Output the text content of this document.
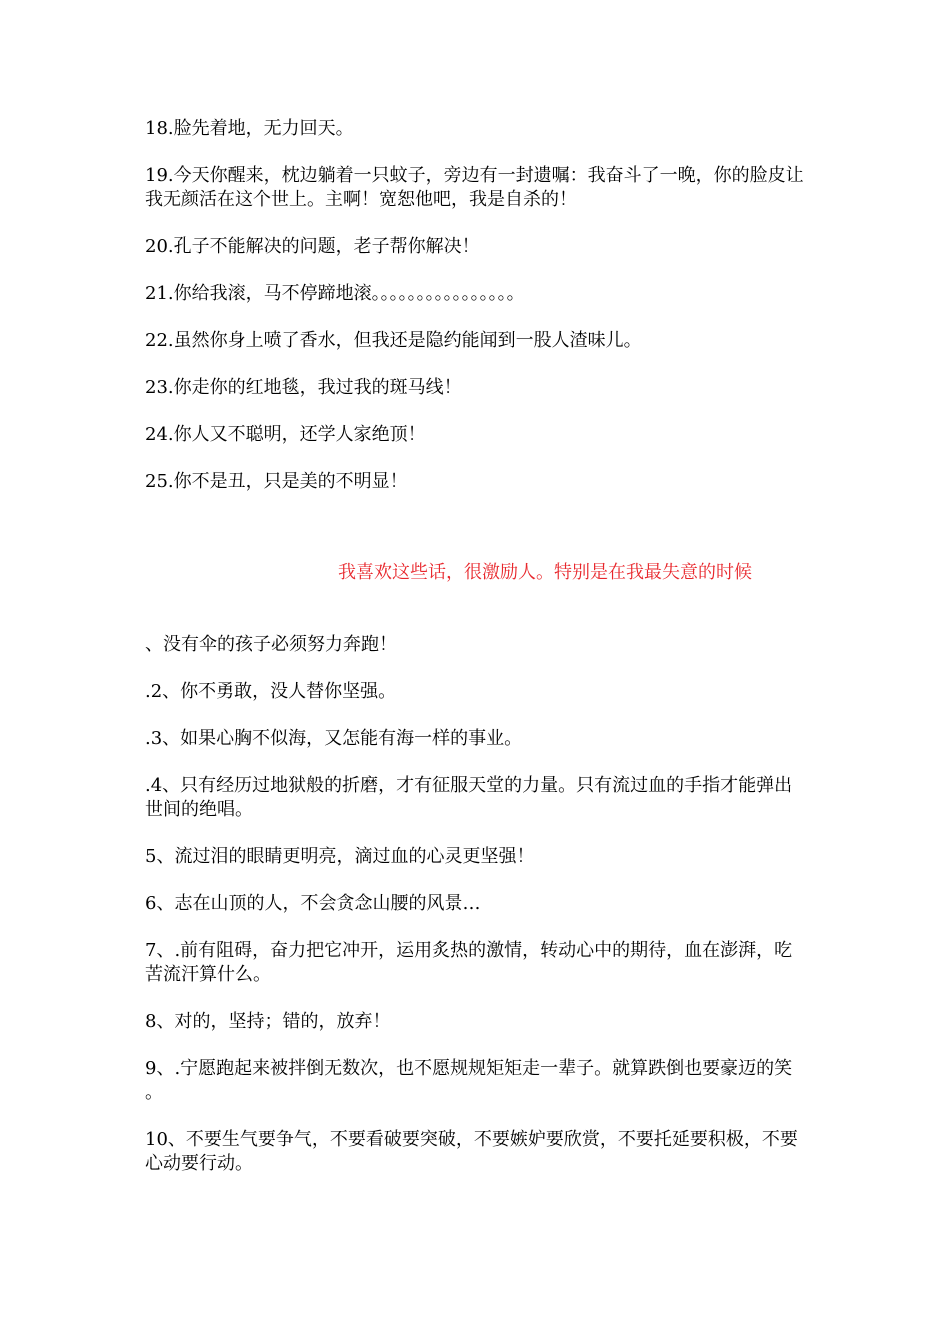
18.脸先着地，无力回天。

19.今天你醒来，枕边躺着一只蚊子，旁边有一封遗嘱：我奋斗了一晚，你的脸皮让我无颜活在这个世上。主啊！宽恕他吧，我是自杀的！

20.孔子不能解决的问题，老子帮你解决！

21.你给我滚，马不停蹄地滚。。。。。。。。。。。。。。。。

22.虽然你身上喷了香水，但我还是隐约能闻到一股人渣味儿。

23.你走你的红地毯，我过我的斑马线！

24.你人又不聪明，还学人家绝顶！

25.你不是丑，只是美的不明显！

我喜欢这些话，很激励人。特别是在我最失意的时候

、没有伞的孩子必须努力奔跑！

.2、你不勇敢，没人替你坚强。

.3、如果心胸不似海，又怎能有海一样的事业。

.4、只有经历过地狱般的折磨，才有征服天堂的力量。只有流过血的手指才能弹出世间的绝唱。

5、流过泪的眼睛更明亮，滴过血的心灵更坚强！

6、志在山顶的人，不会贪念山腰的风景…

7、.前有阻碍，奋力把它冲开，运用炙热的激情，转动心中的期待，血在澎湃，吃苦流汗算什么。

8、对的，坚持；错的，放弃！

9、.宁愿跑起来被拌倒无数次，也不愿规规矩矩走一辈子。就算跌倒也要豪迈的笑 。

10、不要生气要争气，不要看破要突破，不要嫉妒要欣赏，不要托延要积极，不要心动要行动。
